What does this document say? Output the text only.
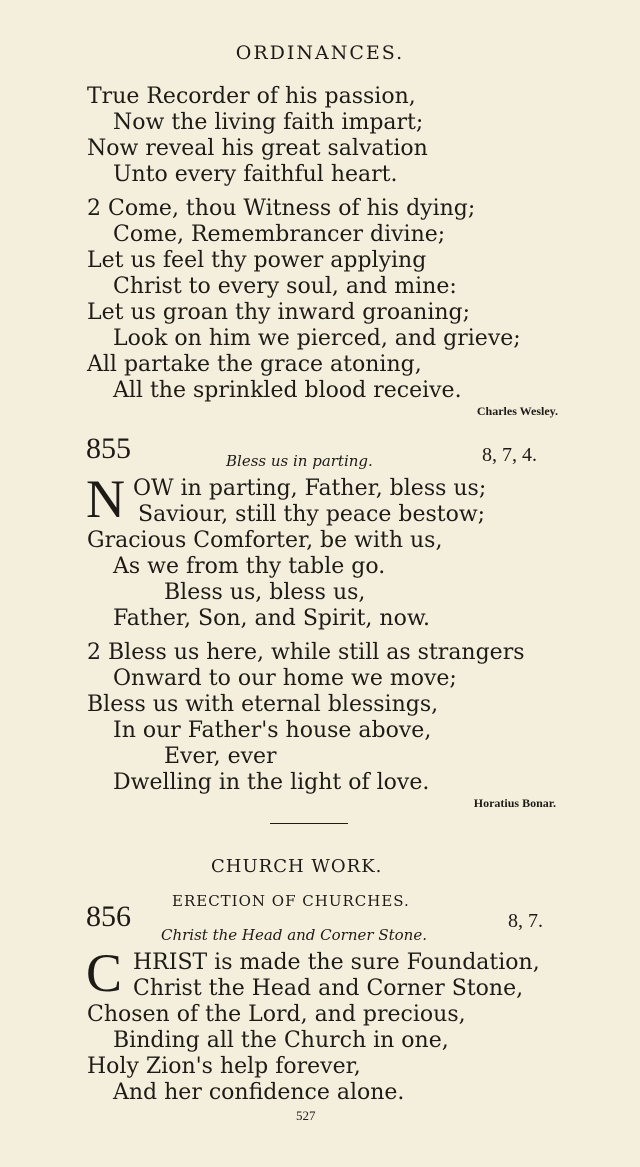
ORDINANCES.
True Recorder of his passion,
Now the living faith impart;
Now reveal his great salvation
Unto every faithful heart.
2 Come, thou Witness of his dying;
Come, Remembrancer divine;
Let us feel thy power applying
Christ to every soul, and mine:
Let us groan thy inward groaning;
Look on him we pierced, and grieve;
All partake the grace atoning,
All the sprinkled blood receive.
Charles Wesley.
855	Bless us in parting.	8, 7, 4.
N OW in parting, Father, bless us;
Saviour, still thy peace bestow;
Gracious Comforter, be with us,
As we from thy table go.
Bless us, bless us,
Father, Son, and Spirit, now.
2 Bless us here, while still as strangers
Onward to our home we move;
Bless us with eternal blessings,
In our Father's house above,
Ever, ever
Dwelling in the light of love.
Horatius Bonar.
CHURCH WORK.
ERECTION OF CHURCHES.
856
Christ the Head and Corner Stone.
8, 7.
C HRIST is made the sure Foundation,
Christ the Head and Corner Stone,
Chosen of the Lord, and precious,
Binding all the Church in one,
Holy Zion's help forever,
And her confidence alone.
527
